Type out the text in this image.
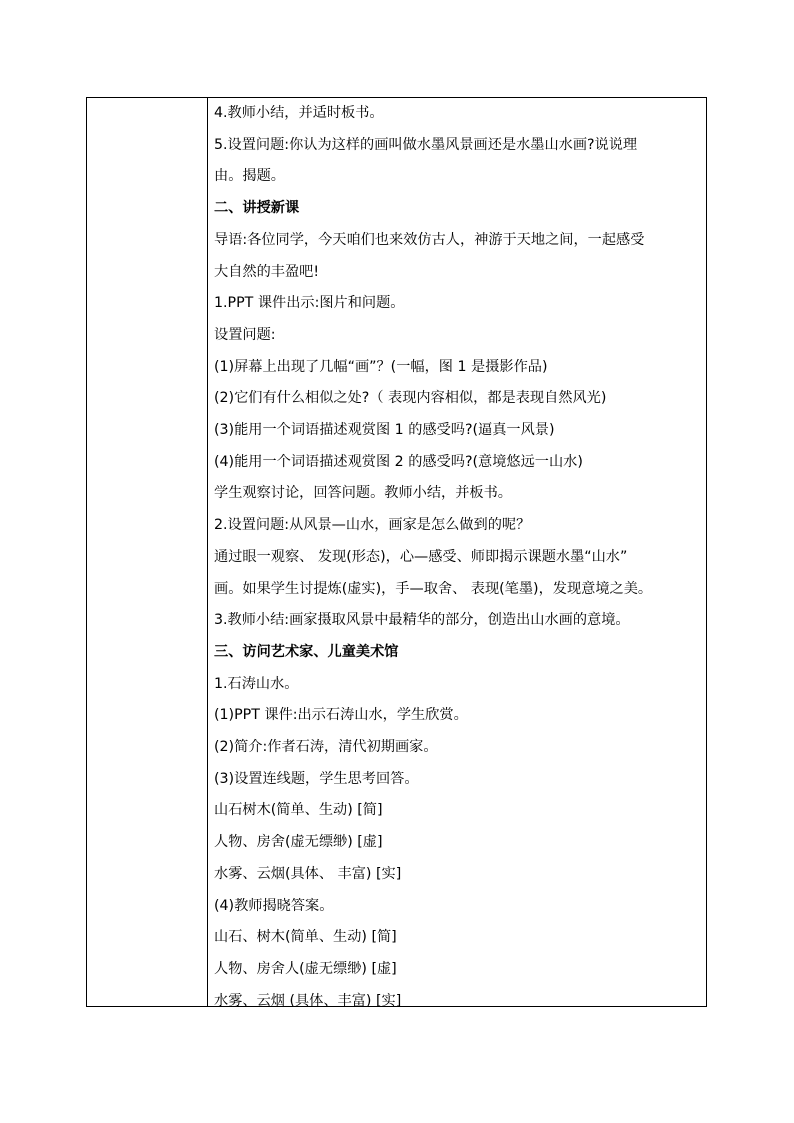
4.教师小结，并适时板书。
5.设置问题:你认为这样的画叫做水墨风景画还是水墨山水画?说说理
由。揭题。
二、讲授新课
导语:各位同学，今天咱们也来效仿古人，神游于天地之间，一起感受
大自然的丰盈吧!
1.PPT 课件出示:图片和问题。
设置问题:
(1)屏幕上出现了几幅“画”？(一幅，图 1 是摄影作品)
(2)它们有什么相似之处?（ 表现内容相似，都是表现自然风光)
(3)能用一个词语描述观赏图 1 的感受吗?(逼真一风景)
(4)能用一个词语描述观赏图 2 的感受吗?(意境悠远一山水)
学生观察讨论，回答问题。教师小结，并板书。
2.设置问题:从风景—山水，画家是怎么做到的呢？
通过眼一观察、 发现(形态)，心—感受、师即揭示课题水墨“山水”
画。如果学生讨提炼(虚实)，手—取舍、 表现(笔墨)，发现意境之美。
3.教师小结:画家摄取风景中最精华的部分，创造出山水画的意境。
三、访问艺术家、儿童美术馆
1.石涛山水。
(1)PPT 课件:出示石涛山水，学生欣赏。
(2)简介:作者石涛，清代初期画家。
(3)设置连线题，学生思考回答。
山石树木(简单、生动) [简]
人物、房舍(虚无缥缈) [虚]
水雾、云烟(具体、 丰富) [实]
(4)教师揭晓答案。
山石、树木(简单、生动) [简]
人物、房舍人(虚无缥缈) [虚]
水雾、云烟 (具体、丰富) [实]
